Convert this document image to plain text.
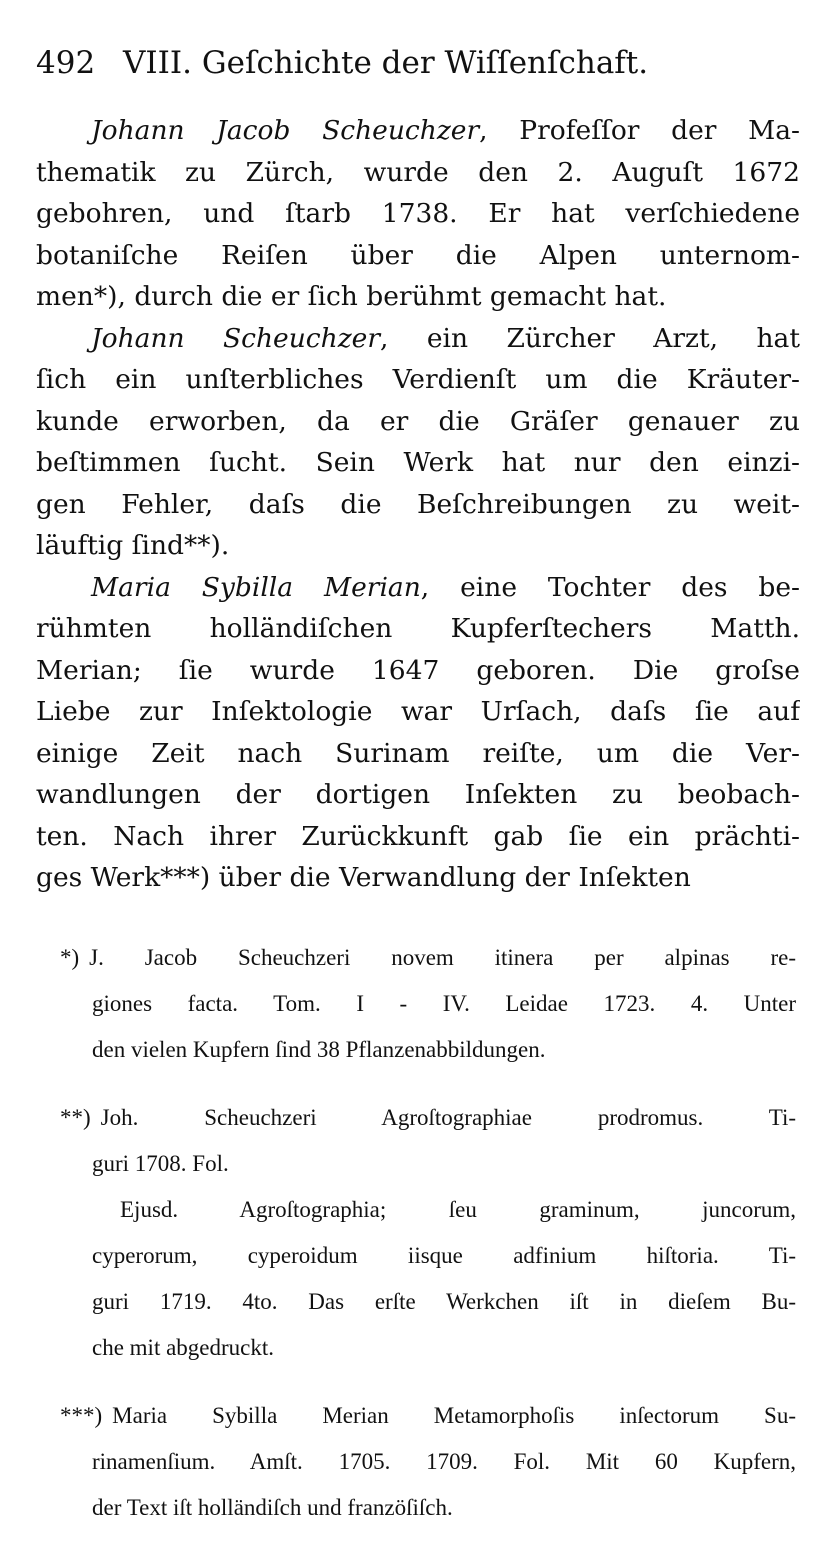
492 VIII. Geſchichte der Wiſſenſchaft.
Johann Jacob Scheuchzer, Profeſſor der Ma-
thematik zu Zürch, wurde den 2. Auguſt 1672
gebohren, und ſtarb 1738. Er hat verſchiedene
botaniſche Reiſen über die Alpen unternom-
men*), durch die er ſich berühmt gemacht hat.
Johann Scheuchzer, ein Zürcher Arzt, hat
ſich ein unſterbliches Verdienſt um die Kräuter-
kunde erworben, da er die Gräſer genauer zu
beſtimmen ſucht. Sein Werk hat nur den einzi-
gen Fehler, daſs die Beſchreibungen zu weit-
läuftig ſind**).
Maria Sybilla Merian, eine Tochter des be-
rühmten holländiſchen Kupferſtechers Matth.
Merian; ſie wurde 1647 geboren. Die groſse
Liebe zur Inſektologie war Urſach, daſs ſie auf
einige Zeit nach Surinam reiſte, um die Ver-
wandlungen der dortigen Inſekten zu beobach-
ten. Nach ihrer Zurückkunft gab ſie ein prächti-
ges Werk***) über die Verwandlung der Inſekten
*) J. Jacob Scheuchzeri novem itinera per alpinas re-
giones facta. Tom. I - IV. Leidae 1723. 4. Unter
den vielen Kupfern ſind 38 Pflanzenabbildungen.
**) Joh. Scheuchzeri Agroſtographiae prodromus. Ti-
guri 1708. Fol.
Ejusd. Agroſtographia; ſeu graminum, juncorum,
cyperorum, cyperoidum iisque adfinium hiſtoria. Ti-
guri 1719. 4to. Das erſte Werkchen iſt in dieſem Bu-
che mit abgedruckt.
***) Maria Sybilla Merian Metamorphoſis inſectorum Su-
rinamenſium. Amſt. 1705. 1709. Fol. Mit 60 Kupfern,
der Text iſt holländiſch und franzöſiſch.
